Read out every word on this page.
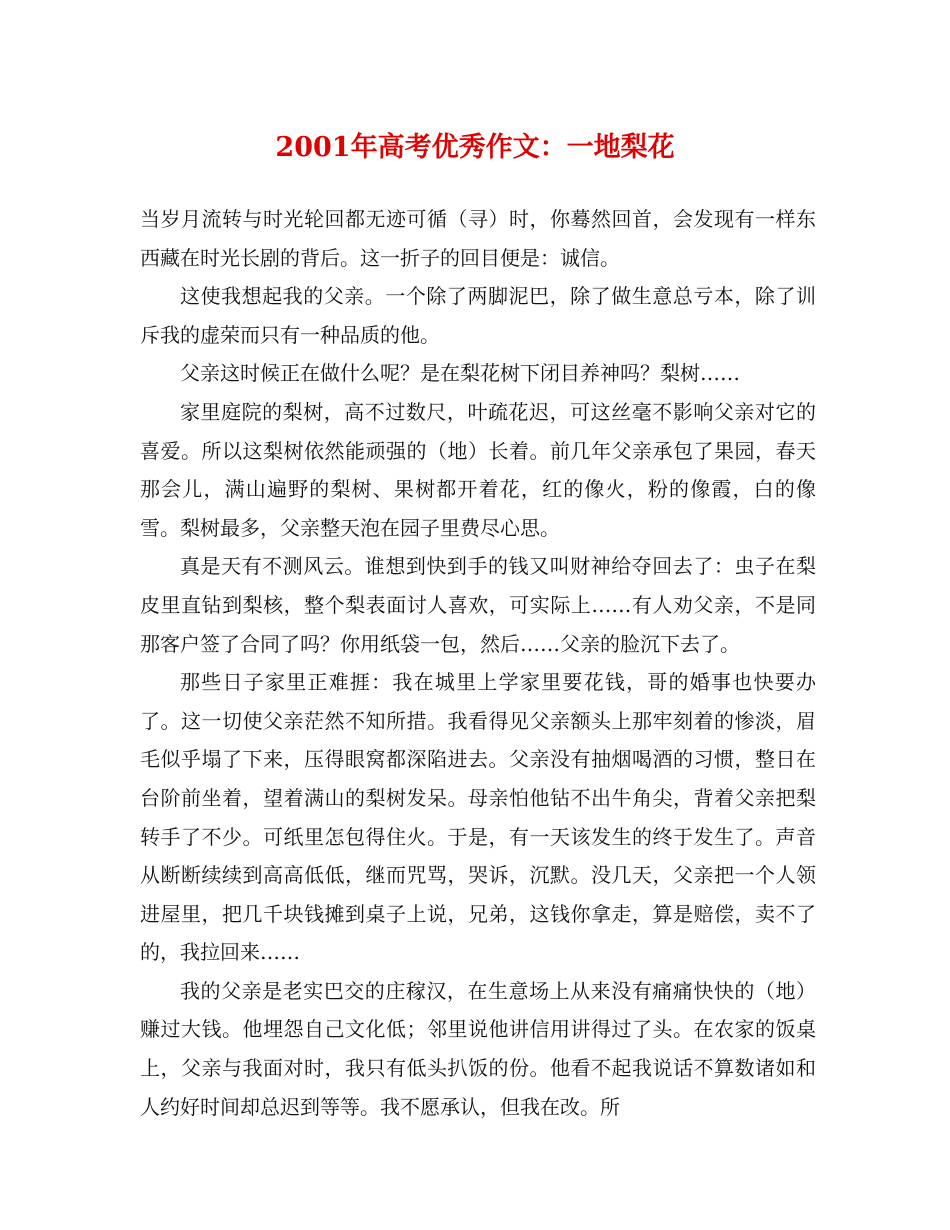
2001年高考优秀作文：一地梨花

当岁月流转与时光轮回都无迹可循（寻）时，你蓦然回首，会发现有一样东西藏在时光长剧的背后。这一折子的回目便是：诚信。

这使我想起我的父亲。一个除了两脚泥巴，除了做生意总亏本，除了训斥我的虚荣而只有一种品质的他。

父亲这时候正在做什么呢？是在梨花树下闭目养神吗？梨树……

家里庭院的梨树，高不过数尺，叶疏花迟，可这丝毫不影响父亲对它的喜爱。所以这梨树依然能顽强的（地）长着。前几年父亲承包了果园，春天那会儿，满山遍野的梨树、果树都开着花，红的像火，粉的像霞，白的像雪。梨树最多，父亲整天泡在园子里费尽心思。

真是天有不测风云。谁想到快到手的钱又叫财神给夺回去了：虫子在梨皮里直钻到梨核，整个梨表面讨人喜欢，可实际上……有人劝父亲，不是同那客户签了合同了吗？你用纸袋一包，然后……父亲的脸沉下去了。

那些日子家里正难捱：我在城里上学家里要花钱，哥的婚事也快要办了。这一切使父亲茫然不知所措。我看得见父亲额头上那牢刻着的惨淡，眉毛似乎塌了下来，压得眼窝都深陷进去。父亲没有抽烟喝酒的习惯，整日在台阶前坐着，望着满山的梨树发呆。母亲怕他钻不出牛角尖，背着父亲把梨转手了不少。可纸里怎包得住火。于是，有一天该发生的终于发生了。声音从断断续续到高高低低，继而咒骂，哭诉，沉默。没几天，父亲把一个人领进屋里，把几千块钱摊到桌子上说，兄弟，这钱你拿走，算是赔偿，卖不了的，我拉回来……

我的父亲是老实巴交的庄稼汉，在生意场上从来没有痛痛快快的（地）赚过大钱。他埋怨自己文化低；邻里说他讲信用讲得过了头。在农家的饭桌上，父亲与我面对时，我只有低头扒饭的份。他看不起我说话不算数诸如和人约好时间却总迟到等等。我不愿承认，但我在改。所
